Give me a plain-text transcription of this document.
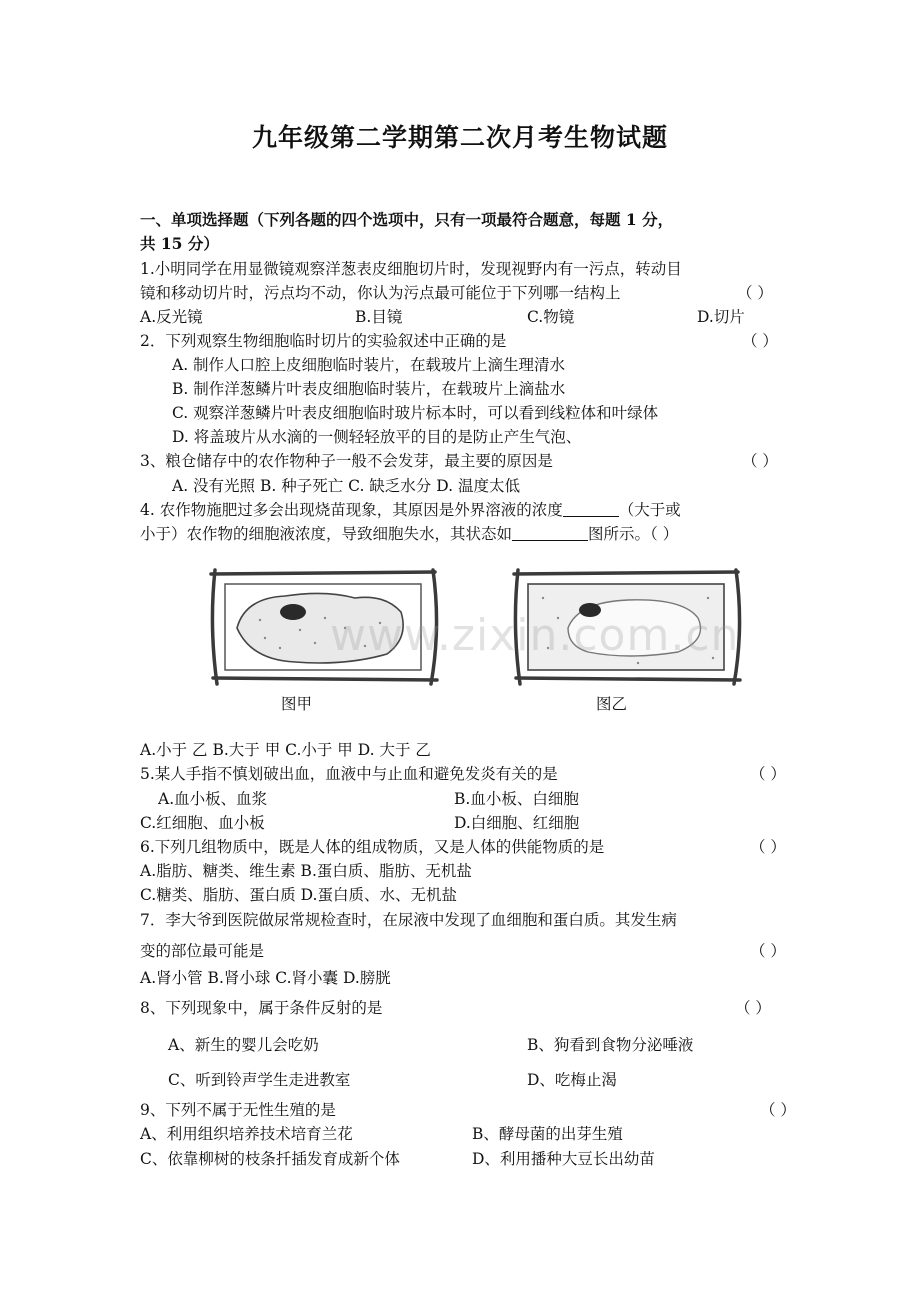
九年级第二学期第二次月考生物试题
一、单项选择题（下列各题的四个选项中，只有一项最符合题意，每题 1 分，
共 15 分）
1.小明同学在用显微镜观察洋葱表皮细胞切片时，发现视野内有一污点，转动目
镜和移动切片时，污点均不动，你认为污点最可能位于下列哪一结构上	（ ）
A.反光镜	B.目镜	C.物镜	D.切片
2．下列观察生物细胞临时切片的实验叙述中正确的是	（ ）
A. 制作人口腔上皮细胞临时装片，在载玻片上滴生理清水
B. 制作洋葱鳞片叶表皮细胞临时装片，在载玻片上滴盐水
C. 观察洋葱鳞片叶表皮细胞临时玻片标本时，可以看到线粒体和叶绿体
D. 将盖玻片从水滴的一侧轻轻放平的目的是防止产生气泡、
3、粮仓储存中的农作物种子一般不会发芽，最主要的原因是	（ ）
A. 没有光照 B. 种子死亡 C. 缺乏水分 D. 温度太低
4. 农作物施肥过多会出现烧苗现象，其原因是外界溶液的浓度	（大于或
小于）农作物的细胞液浓度，导致细胞失水，其状态如	图所示。（ ）
www.zixin.com.cn
图甲	图乙
A.小于 乙 B.大于 甲 C.小于 甲 D. 大于 乙
5.某人手指不慎划破出血，血液中与止血和避免发炎有关的是	（ ）
A.血小板、血浆	B.血小板、白细胞
C.红细胞、血小板	D.白细胞、红细胞
6.下列几组物质中，既是人体的组成物质，又是人体的供能物质的是	（ ）
A.脂肪、糖类、维生素 B.蛋白质、脂肪、无机盐
C.糖类、脂肪、蛋白质 D.蛋白质、水、无机盐
7．李大爷到医院做尿常规检查时，在尿液中发现了血细胞和蛋白质。其发生病
变的部位最可能是	（ ）
A.肾小管 B.肾小球 C.肾小囊 D.膀胱
8、下列现象中，属于条件反射的是	（ ）
A、新生的婴儿会吃奶	B、狗看到食物分泌唾液
C、听到铃声学生走进教室	D、吃梅止渴
9、下列不属于无性生殖的是	（ ）
A、利用组织培养技术培育兰花	B、酵母菌的出芽生殖
C、依靠柳树的枝条扦插发育成新个体	D、利用播种大豆长出幼苗
